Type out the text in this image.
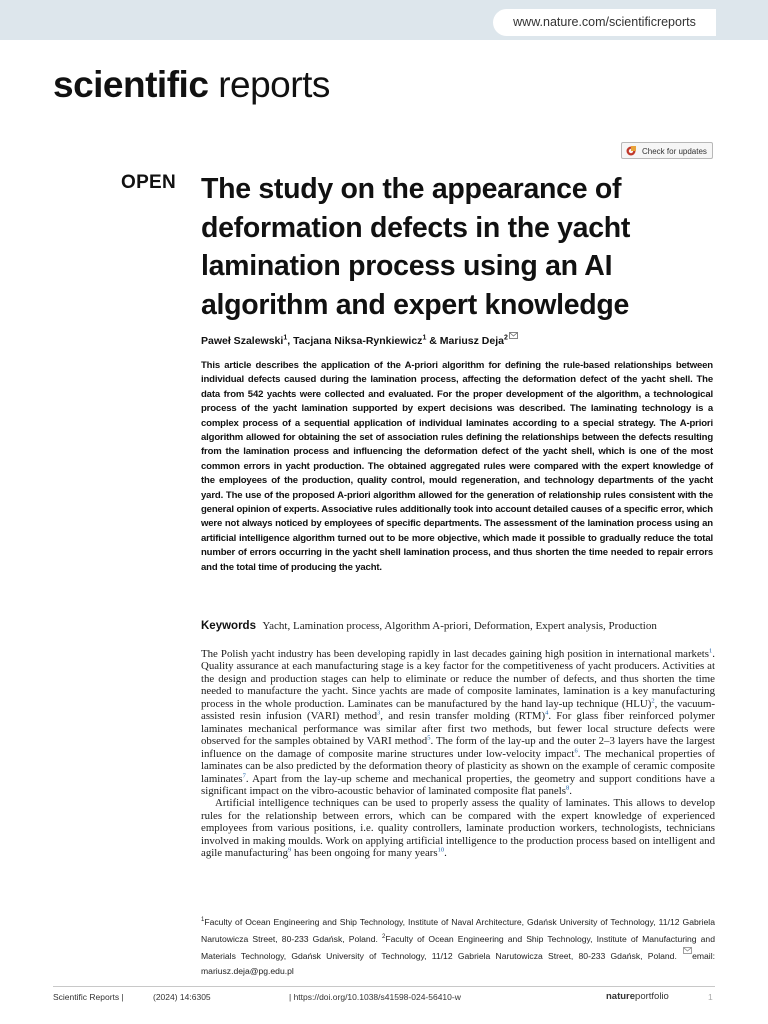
www.nature.com/scientificreports
scientific reports
Check for updates
OPEN The study on the appearance of deformation defects in the yacht lamination process using an AI algorithm and expert knowledge
Paweł Szalewski$^1$, Tacjana Niksa-Rynkiewicz$^1$ & Mariusz Deja$^2$

This article describes the application of the A-priori algorithm for defining the rule-based relationships between individual defects caused during the lamination process, affecting the deformation defect of the yacht shell. The data from 542 yachts were collected and evaluated. For the proper development of the algorithm, a technological process of the yacht lamination supported by expert decisions was described. The laminating technology is a complex process of a sequential application of individual laminates according to a special strategy. The A-priori algorithm allowed for obtaining the set of association rules defining the relationships between the defects resulting from the lamination process and influencing the deformation defect of the yacht shell, which is one of the most common errors in yacht production. The obtained aggregated rules were compared with the expert knowledge of the employees of the production, quality control, mould regeneration, and technology departments of the yacht yard. The use of the proposed A-priori algorithm allowed for the generation of relationship rules consistent with the general opinion of experts. Associative rules additionally took into account detailed causes of a specific error, which were not always noticed by employees of specific departments. The assessment of the lamination process using an artificial intelligence algorithm turned out to be more objective, which made it possible to gradually reduce the total number of errors occurring in the yacht shell lamination process, and thus shorten the time needed to repair errors and the total time of producing the yacht.

Keywords Yacht, Lamination process, Algorithm A-priori, Deformation, Expert analysis, Production

The Polish yacht industry has been developing rapidly in last decades gaining high position in international markets$^1$. Quality assurance at each manufacturing stage is a key factor for the competitiveness of yacht producers. Activities at the design and production stages can help to eliminate or reduce the number of defects, and thus shorten the time needed to manufacture the yacht. Since yachts are made of composite laminates, lamination is a key manufacturing process in the whole production. Laminates can be manufactured by the hand lay-up technique (HLU)$^2$, the vacuum-assisted resin infusion (VARI) method$^3$, and resin transfer molding (RTM)$^4$. For glass fiber reinforced polymer laminates mechanical performance was similar after first two methods, but fewer local structure defects were observed for the samples obtained by VARI method$^5$. The form of the lay-up and the outer 2–3 layers have the largest influence on the damage of composite marine structures under low-velocity impact$^6$. The mechanical properties of laminates can be also predicted by the deformation theory of plasticity as shown on the example of ceramic composite laminates$^7$. Apart from the lay-up scheme and mechanical properties, the geometry and support conditions have a significant impact on the vibro-acoustic behavior of laminated composite flat panels$^8$.

Artificial intelligence techniques can be used to properly assess the quality of laminates. This allows to develop rules for the relationship between errors, which can be compared with the expert knowledge of experienced employees from various positions, i.e. quality controllers, laminate production workers, technologists, technicians involved in making moulds. Work on applying artificial intelligence to the production process based on intelligent and agile manufacturing$^9$ has been ongoing for many years$^{10}$.

$^1$Faculty of Ocean Engineering and Ship Technology, Institute of Naval Architecture, Gdańsk University of Technology, 11/12 Gabriela Narutowicza Street, 80-233 Gdańsk, Poland. $^2$Faculty of Ocean Engineering and Ship Technology, Institute of Manufacturing and Materials Technology, Gdańsk University of Technology, 11/12 Gabriela Narutowicza Street, 80-233 Gdańsk, Poland. email: mariusz.deja@pg.edu.pl

Scientific Reports |	(2024) 14:6305	| https://doi.org/10.1038/s41598-024-56410-w	natureportfolio	1
